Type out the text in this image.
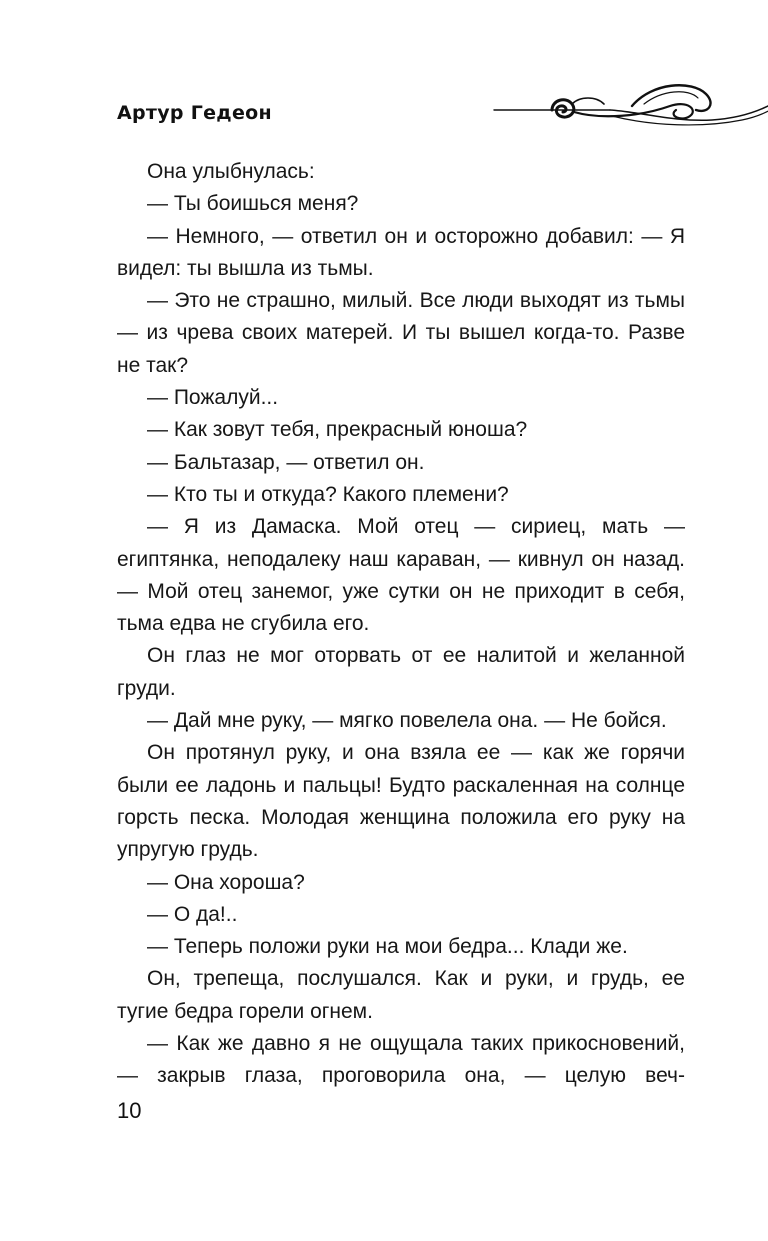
Артур Гедеон

Она улыбнулась:

— Ты боишься меня?

— Немного, — ответил он и осторожно добавил: — Я видел: ты вышла из тьмы.

— Это не страшно, милый. Все люди выходят из тьмы — из чрева своих матерей. И ты вышел когда-то. Разве не так?

— Пожалуй...

— Как зовут тебя, прекрасный юноша?

— Бальтазар, — ответил он.

— Кто ты и откуда? Какого племени?

— Я из Дамаска. Мой отец — сириец, мать — египтянка, неподалеку наш караван, — кивнул он назад. — Мой отец занемог, уже сутки он не приходит в себя, тьма едва не сгубила его.

Он глаз не мог оторвать от ее налитой и желанной груди.

— Дай мне руку, — мягко повелела она. — Не бойся.

Он протянул руку, и она взяла ее — как же горячи были ее ладонь и пальцы! Будто раскаленная на солнце горсть песка. Молодая женщина положила его руку на упругую грудь.

— Она хороша?

— О да!..

— Теперь положи руки на мои бедра... Клади же.

Он, трепеща, послушался. Как и руки, и грудь, ее тугие бедра горели огнем.

— Как же давно я не ощущала таких прикосновений, — закрыв глаза, проговорила она, — целую веч-

10
